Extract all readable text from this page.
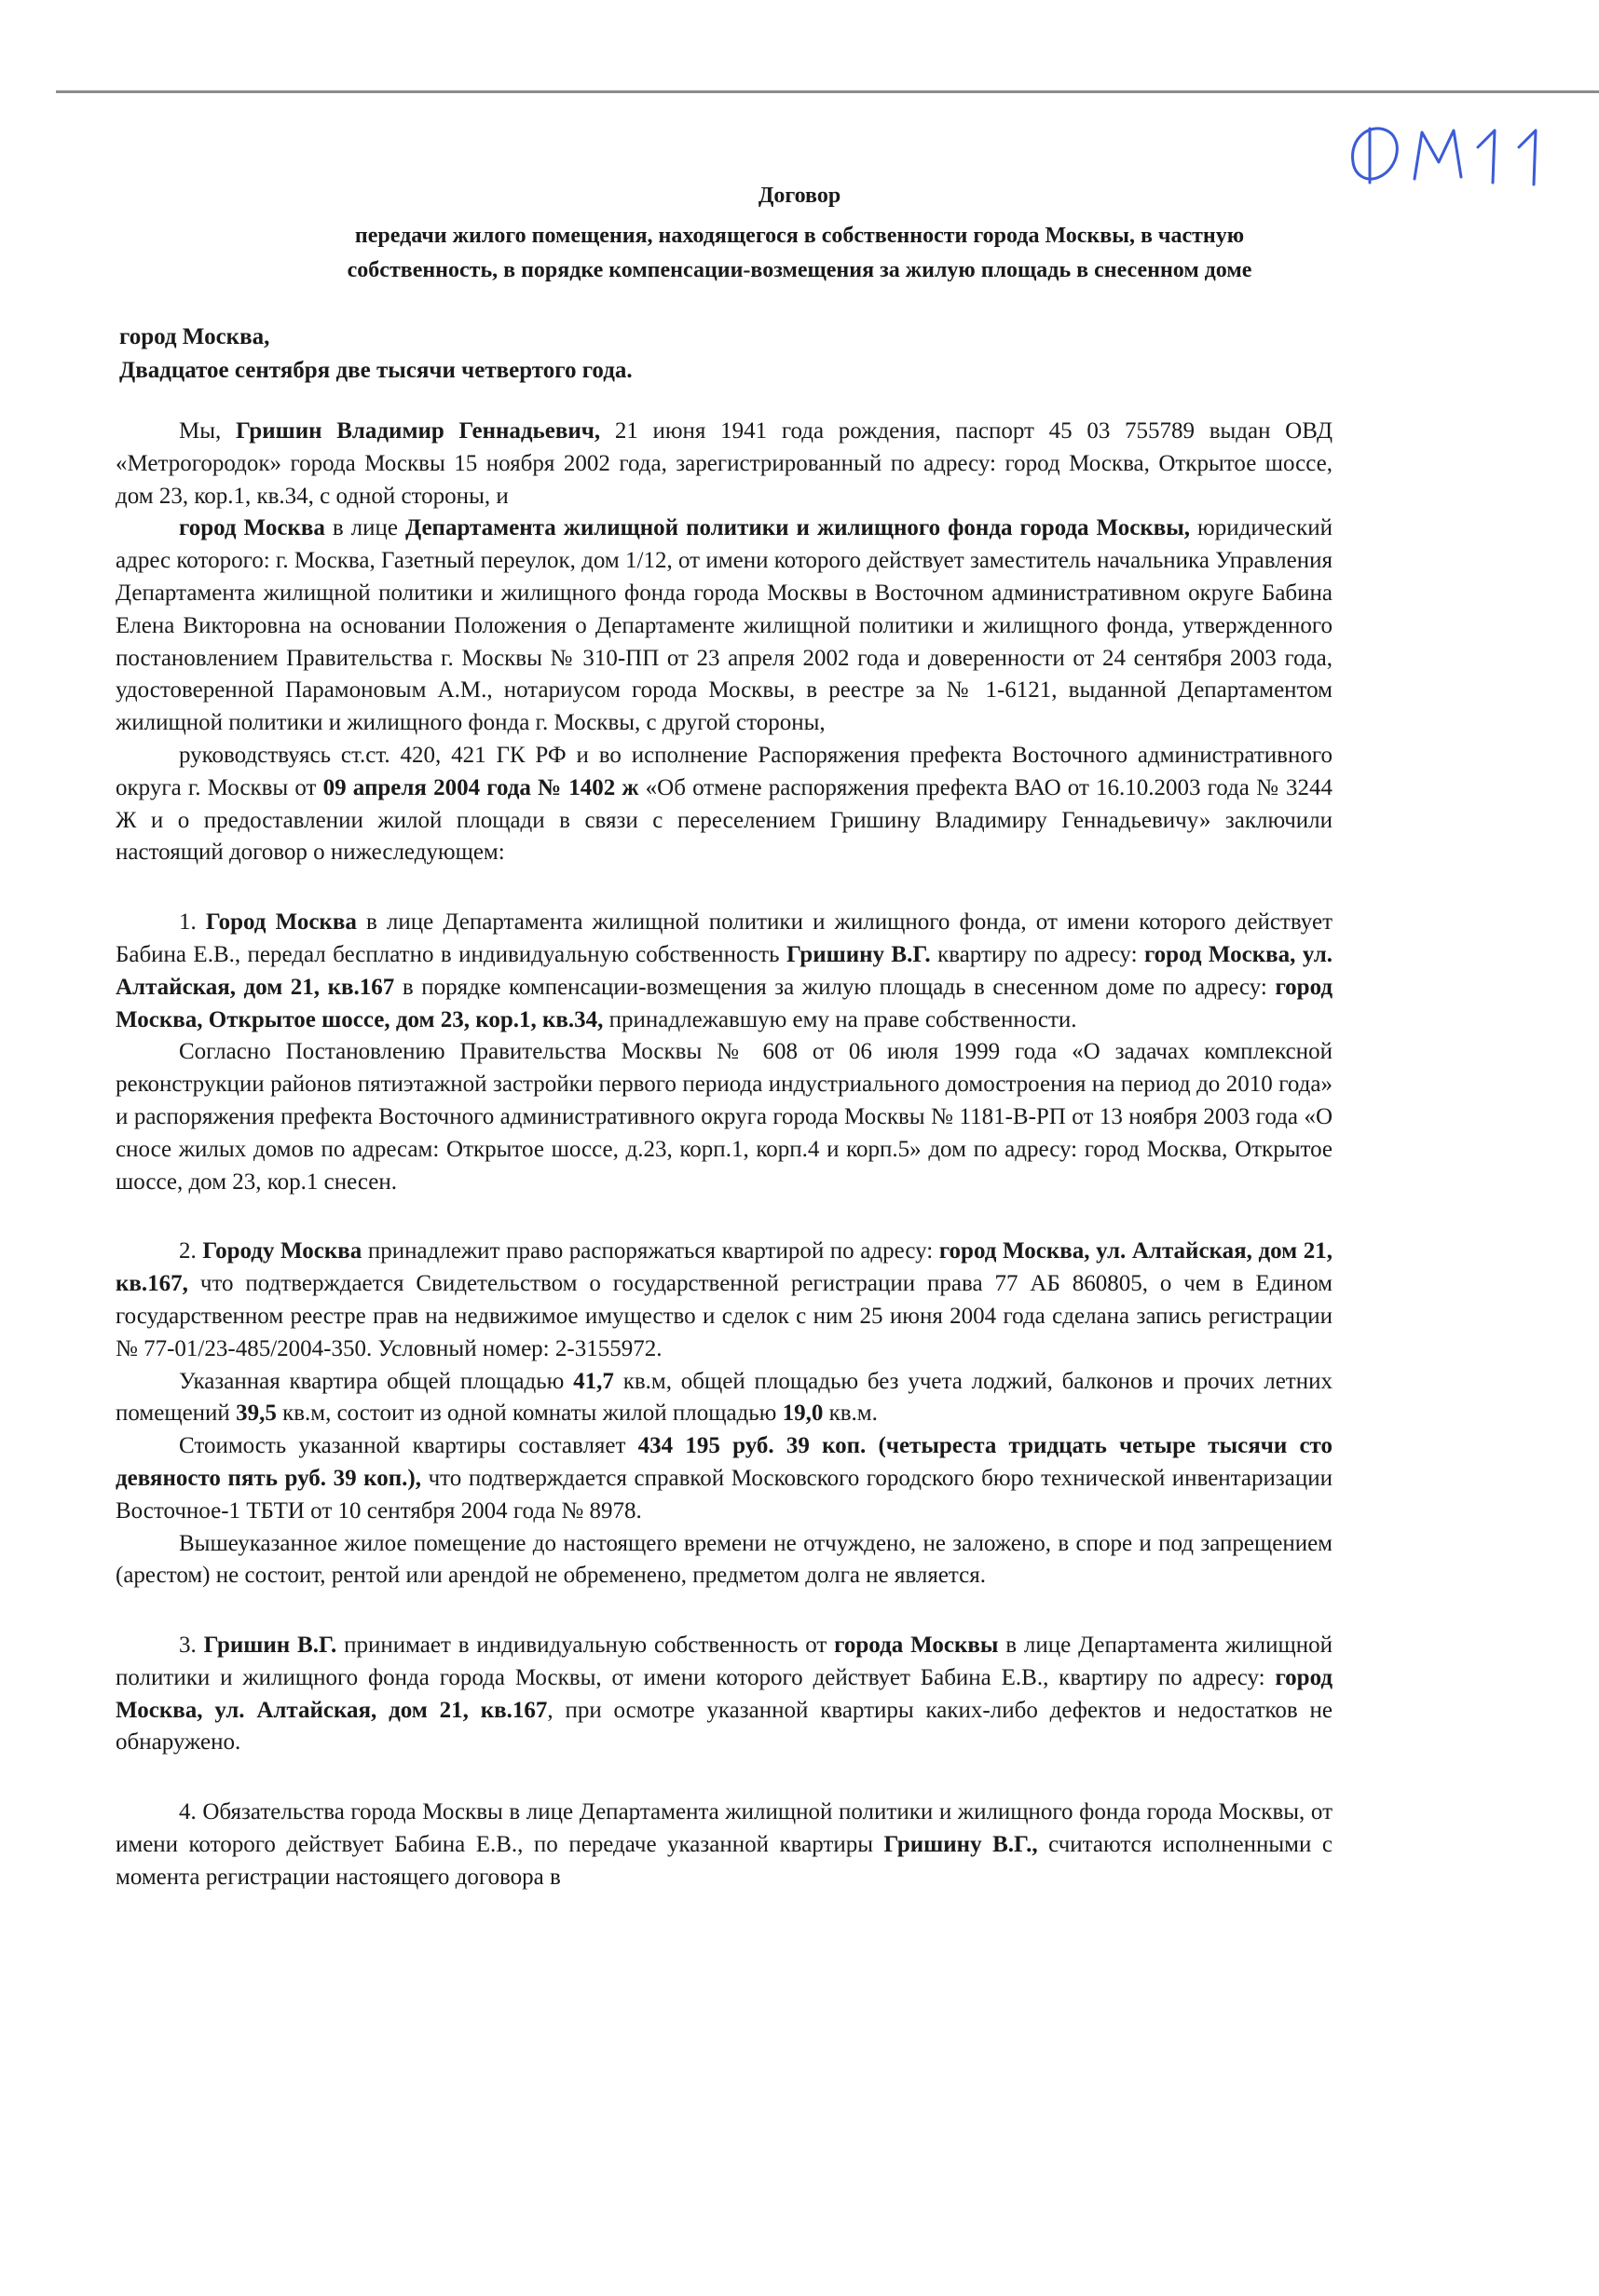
Договор
передачи жилого помещения, находящегося в собственности города Москвы, в частную
собственность, в порядке компенсации-возмещения за жилую площадь в снесенном доме
город Москва,
Двадцатое сентября две тысячи четвертого года.

Мы, Гришин Владимир Геннадьевич, 21 июня 1941 года рождения, паспорт 45 03 755789 выдан ОВД «Метрогородок» города Москвы 15 ноября 2002 года, зарегистрированный по адресу: город Москва, Открытое шоссе, дом 23, кор.1, кв.34, с одной стороны, и

город Москва в лице Департамента жилищной политики и жилищного фонда города Москвы, юридический адрес которого: г. Москва, Газетный переулок, дом 1/12, от имени которого действует заместитель начальника Управления Департамента жилищной политики и жилищного фонда города Москвы в Восточном административном округе Бабина Елена Викторовна на основании Положения о Департаменте жилищной политики и жилищного фонда, утвержденного постановлением Правительства г. Москвы № 310-ПП от 23 апреля 2002 года и доверенности от 24 сентября 2003 года, удостоверенной Парамоновым А.М., нотариусом города Москвы, в реестре за № 1-6121, выданной Департаментом жилищной политики и жилищного фонда г. Москвы, с другой стороны,

руководствуясь ст.ст. 420, 421 ГК РФ и во исполнение Распоряжения префекта Восточного административного округа г. Москвы от 09 апреля 2004 года № 1402 ж «Об отмене распоряжения префекта ВАО от 16.10.2003 года № 3244 Ж и о предоставлении жилой площади в связи с переселением Гришину Владимиру Геннадьевичу» заключили настоящий договор о нижеследующем:

1. Город Москва в лице Департамента жилищной политики и жилищного фонда, от имени которого действует Бабина Е.В., передал бесплатно в индивидуальную собственность Гришину В.Г. квартиру по адресу: город Москва, ул. Алтайская, дом 21, кв.167 в порядке компенсации-возмещения за жилую площадь в снесенном доме по адресу: город Москва, Открытое шоссе, дом 23, кор.1, кв.34, принадлежавшую ему на праве собственности.

Согласно Постановлению Правительства Москвы № 608 от 06 июля 1999 года «О задачах комплексной реконструкции районов пятиэтажной застройки первого периода индустриального домостроения на период до 2010 года» и распоряжения префекта Восточного административного округа города Москвы № 1181-В-РП от 13 ноября 2003 года «О сносе жилых домов по адресам: Открытое шоссе, д.23, корп.1, корп.4 и корп.5» дом по адресу: город Москва, Открытое шоссе, дом 23, кор.1 снесен.

2. Городу Москва принадлежит право распоряжаться квартирой по адресу: город Москва, ул. Алтайская, дом 21, кв.167, что подтверждается Свидетельством о государственной регистрации права 77 АБ 860805, о чем в Едином государственном реестре прав на недвижимое имущество и сделок с ним 25 июня 2004 года сделана запись регистрации № 77-01/23-485/2004-350. Условный номер: 2-3155972.

Указанная квартира общей площадью 41,7 кв.м, общей площадью без учета лоджий, балконов и прочих летних помещений 39,5 кв.м, состоит из одной комнаты жилой площадью 19,0 кв.м.

Стоимость указанной квартиры составляет 434 195 руб. 39 коп. (четыреста тридцать четыре тысячи сто девяносто пять руб. 39 коп.), что подтверждается справкой Московского городского бюро технической инвентаризации Восточное-1 ТБТИ от 10 сентября 2004 года № 8978.

Вышеуказанное жилое помещение до настоящего времени не отчуждено, не заложено, в споре и под запрещением (арестом) не состоит, рентой или арендой не обременено, предметом долга не является.

3. Гришин В.Г. принимает в индивидуальную собственность от города Москвы в лице Департамента жилищной политики и жилищного фонда города Москвы, от имени которого действует Бабина Е.В., квартиру по адресу: город Москва, ул. Алтайская, дом 21, кв.167, при осмотре указанной квартиры каких-либо дефектов и недостатков не обнаружено.

4. Обязательства города Москвы в лице Департамента жилищной политики и жилищного фонда города Москвы, от имени которого действует Бабина Е.В., по передаче указанной квартиры Гришину В.Г., считаются исполненными с момента регистрации настоящего договора в
